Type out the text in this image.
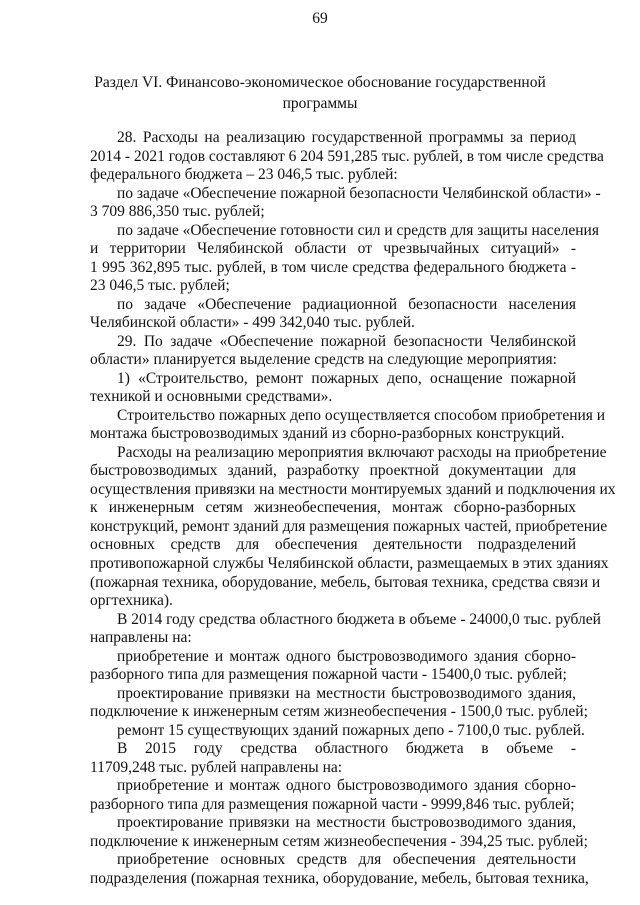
69
Раздел VI. Финансово-экономическое обоснование государственной
программы
28. Расходы на реализацию государственной программы за период
2014 - 2021 годов составляют 6 204 591,285 тыс. рублей, в том числе средства
федерального бюджета – 23 046,5 тыс. рублей:
по задаче «Обеспечение пожарной безопасности Челябинской области» -
3 709 886,350 тыс. рублей;
по задаче «Обеспечение готовности сил и средств для защиты населения
и территории Челябинской области от чрезвычайных ситуаций» -
1 995 362,895 тыс. рублей, в том числе средства федерального бюджета -
23 046,5 тыс. рублей;
по задаче «Обеспечение радиационной безопасности населения
Челябинской области» - 499 342,040 тыс. рублей.
29. По задаче «Обеспечение пожарной безопасности Челябинской
области» планируется выделение средств на следующие мероприятия:
1) «Строительство, ремонт пожарных депо, оснащение пожарной
техникой и основными средствами».
Строительство пожарных депо осуществляется способом приобретения и
монтажа быстровозводимых зданий из сборно-разборных конструкций.
Расходы на реализацию мероприятия включают расходы на приобретение
быстровозводимых зданий, разработку проектной документации для
осуществления привязки на местности монтируемых зданий и подключения их
к инженерным сетям жизнеобеспечения, монтаж сборно-разборных
конструкций, ремонт зданий для размещения пожарных частей, приобретение
основных средств для обеспечения деятельности подразделений
противопожарной службы Челябинской области, размещаемых в этих зданиях
(пожарная техника, оборудование, мебель, бытовая техника, средства связи и
оргтехника).
В 2014 году средства областного бюджета в объеме - 24000,0 тыс. рублей
направлены на:
приобретение и монтаж одного быстровозводимого здания сборно-
разборного типа для размещения пожарной части - 15400,0 тыс. рублей;
проектирование привязки на местности быстровозводимого здания,
подключение к инженерным сетям жизнеобеспечения - 1500,0 тыс. рублей;
ремонт 15 существующих зданий пожарных депо - 7100,0 тыс. рублей.
В 2015 году средства областного бюджета в объеме -
11709,248 тыс. рублей направлены на:
приобретение и монтаж одного быстровозводимого здания сборно-
разборного типа для размещения пожарной части - 9999,846 тыс. рублей;
проектирование привязки на местности быстровозводимого здания,
подключение к инженерным сетям жизнеобеспечения - 394,25 тыс. рублей;
приобретение основных средств для обеспечения деятельности
подразделения (пожарная техника, оборудование, мебель, бытовая техника,
